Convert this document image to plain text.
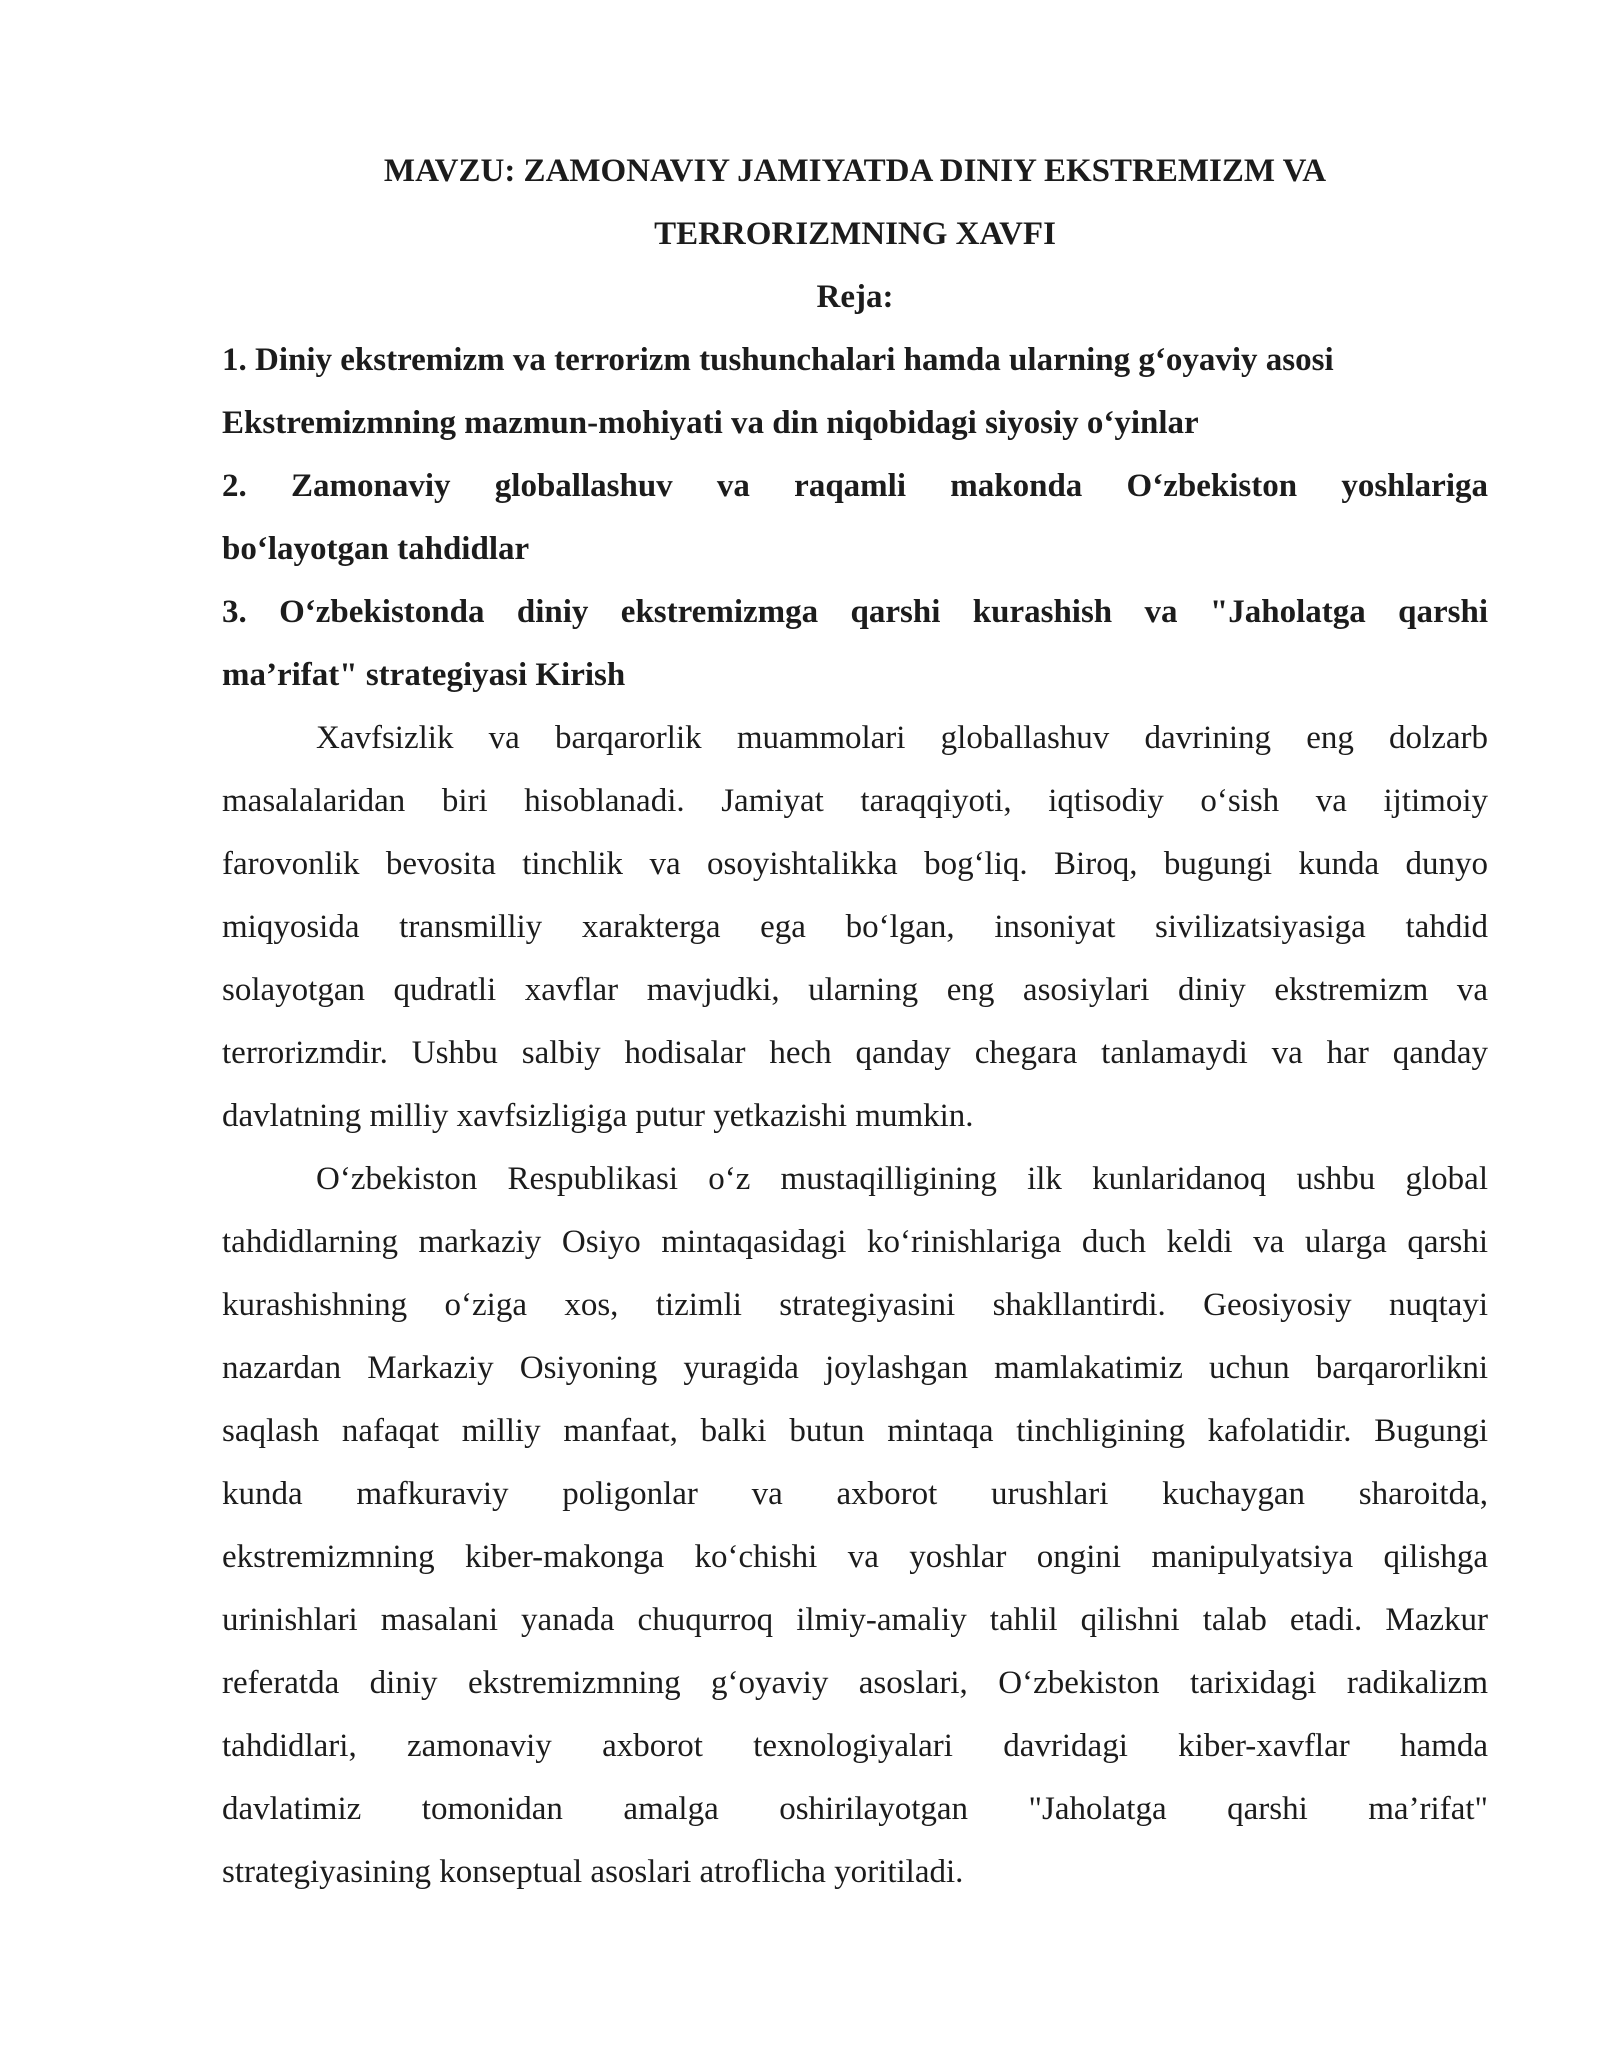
MAVZU: ZAMONAVIY JAMIYATDA DINIY EKSTREMIZM VA
TERRORIZMNING XAVFI
Reja:
1. Diniy ekstremizm va terrorizm tushunchalari hamda ularning g‘oyaviy asosi
Ekstremizmning mazmun-mohiyati va din niqobidagi siyosiy o‘yinlar
2. Zamonaviy globallashuv va raqamli makonda O‘zbekiston yoshlariga
bo‘layotgan tahdidlar
3. O‘zbekistonda diniy ekstremizmga qarshi kurashish va "Jaholatga qarshi
ma’rifat" strategiyasi Kirish
Xavfsizlik va barqarorlik muammolari globallashuv davrining eng dolzarb
masalalaridan biri hisoblanadi. Jamiyat taraqqiyoti, iqtisodiy o‘sish va ijtimoiy
farovonlik bevosita tinchlik va osoyishtalikka bog‘liq. Biroq, bugungi kunda dunyo
miqyosida transmilliy xarakterga ega bo‘lgan, insoniyat sivilizatsiyasiga tahdid
solayotgan qudratli xavflar mavjudki, ularning eng asosiylari diniy ekstremizm va
terrorizmdir. Ushbu salbiy hodisalar hech qanday chegara tanlamaydi va har qanday
davlatning milliy xavfsizligiga putur yetkazishi mumkin.
O‘zbekiston Respublikasi o‘z mustaqilligining ilk kunlaridanoq ushbu global
tahdidlarning markaziy Osiyo mintaqasidagi ko‘rinishlariga duch keldi va ularga qarshi
kurashishning o‘ziga xos, tizimli strategiyasini shakllantirdi. Geosiyosiy nuqtayi
nazardan Markaziy Osiyoning yuragida joylashgan mamlakatimiz uchun barqarorlikni
saqlash nafaqat milliy manfaat, balki butun mintaqa tinchligining kafolatidir. Bugungi
kunda mafkuraviy poligonlar va axborot urushlari kuchaygan sharoitda,
ekstremizmning kiber-makonga ko‘chishi va yoshlar ongini manipulyatsiya qilishga
urinishlari masalani yanada chuqurroq ilmiy-amaliy tahlil qilishni talab etadi. Mazkur
referatda diniy ekstremizmning g‘oyaviy asoslari, O‘zbekiston tarixidagi radikalizm
tahdidlari, zamonaviy axborot texnologiyalari davridagi kiber-xavflar hamda
davlatimiz tomonidan amalga oshirilayotgan "Jaholatga qarshi ma’rifat"
strategiyasining konseptual asoslari atroflicha yoritiladi.
